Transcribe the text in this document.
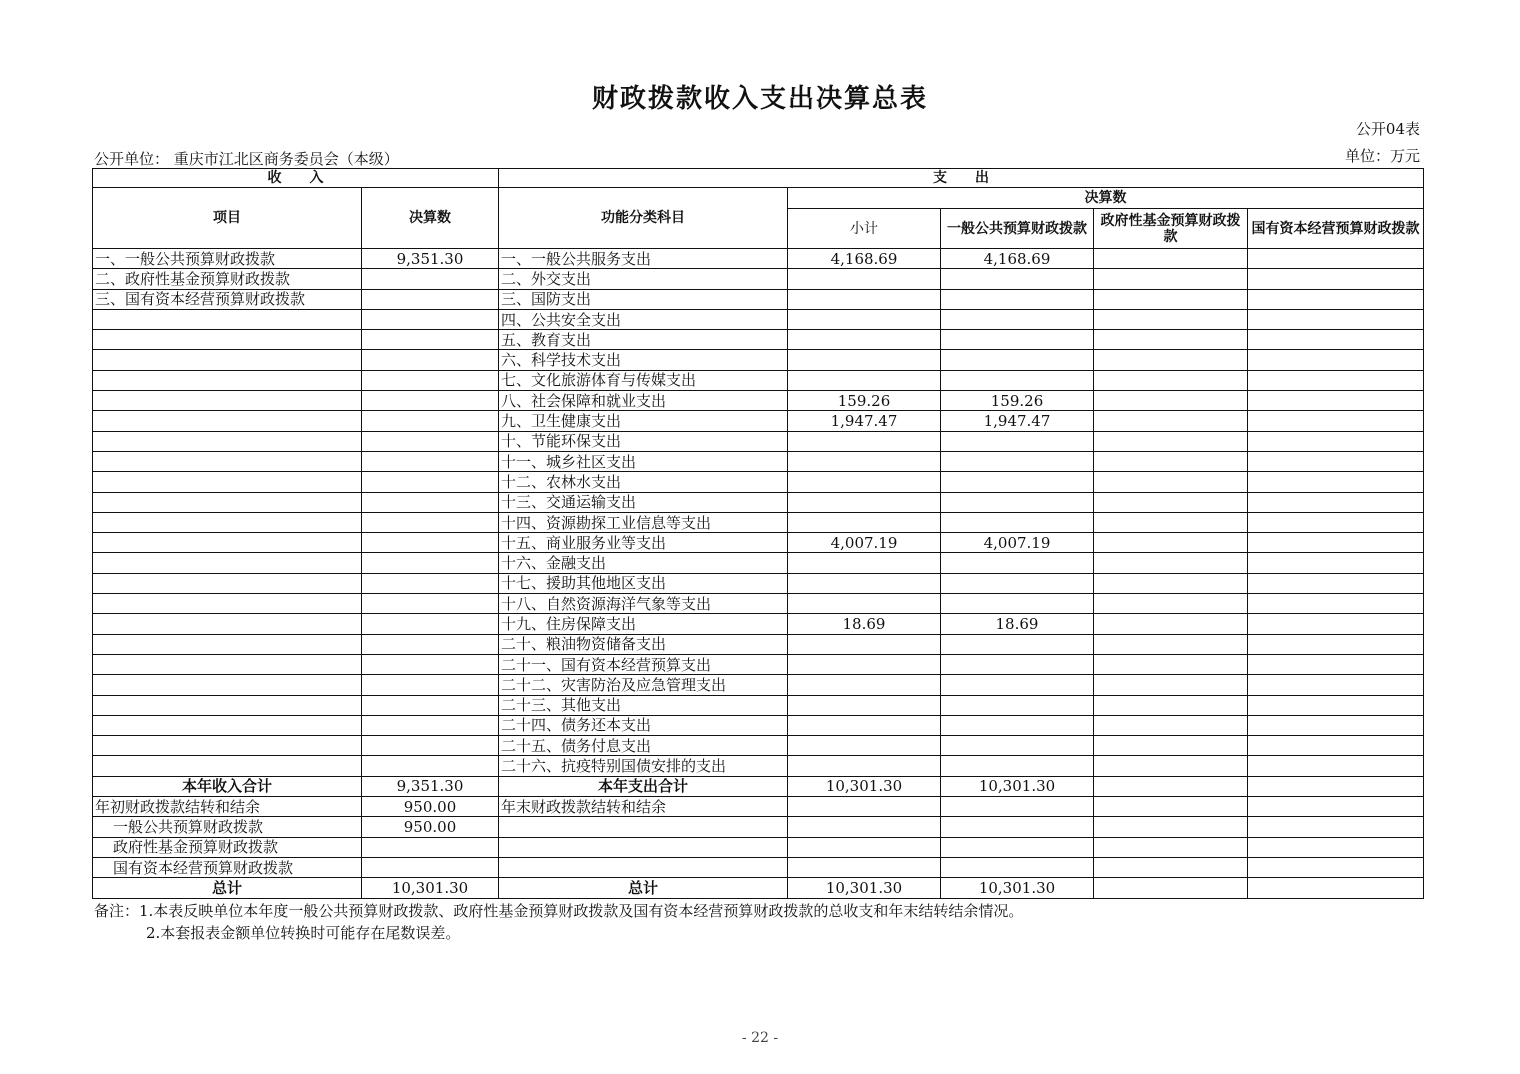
财政拨款收入支出决算总表
公开04表
单位：万元
公开单位： 重庆市江北区商务委员会（本级）
收　　入		支　　出				
项目	决算数	功能分类科目	决算数			
			小计	一般公共预算财政拨款	政府性基金预算财政拨款	国有资本经营预算财政拨款
一、一般公共预算财政拨款	9,351.30	一、一般公共服务支出	4,168.69	4,168.69		
二、政府性基金预算财政拨款		二、外交支出				
三、国有资本经营预算财政拨款		三、国防支出				
		四、公共安全支出				
		五、教育支出				
		六、科学技术支出				
		七、文化旅游体育与传媒支出				
		八、社会保障和就业支出	159.26	159.26		
		九、卫生健康支出	1,947.47	1,947.47		
		十、节能环保支出				
		十一、城乡社区支出				
		十二、农林水支出				
		十三、交通运输支出				
		十四、资源勘探工业信息等支出				
		十五、商业服务业等支出	4,007.19	4,007.19		
		十六、金融支出				
		十七、援助其他地区支出				
		十八、自然资源海洋气象等支出				
		十九、住房保障支出	18.69	18.69		
		二十、粮油物资储备支出				
		二十一、国有资本经营预算支出				
		二十二、灾害防治及应急管理支出				
		二十三、其他支出				
		二十四、债务还本支出				
		二十五、债务付息支出				
		二十六、抗疫特别国债安排的支出				
本年收入合计	9,351.30	本年支出合计	10,301.30	10,301.30		
年初财政拨款结转和结余	950.00	年末财政拨款结转和结余				
一般公共预算财政拨款	950.00					
政府性基金预算财政拨款						
国有资本经营预算财政拨款						
总计	10,301.30	总计	10,301.30	10,301.30		
备注：1.本表反映单位本年度一般公共预算财政拨款、政府性基金预算财政拨款及国有资本经营预算财政拨款的总收支和年末结转结余情况。
2.本套报表金额单位转换时可能存在尾数误差。
- 22 -
